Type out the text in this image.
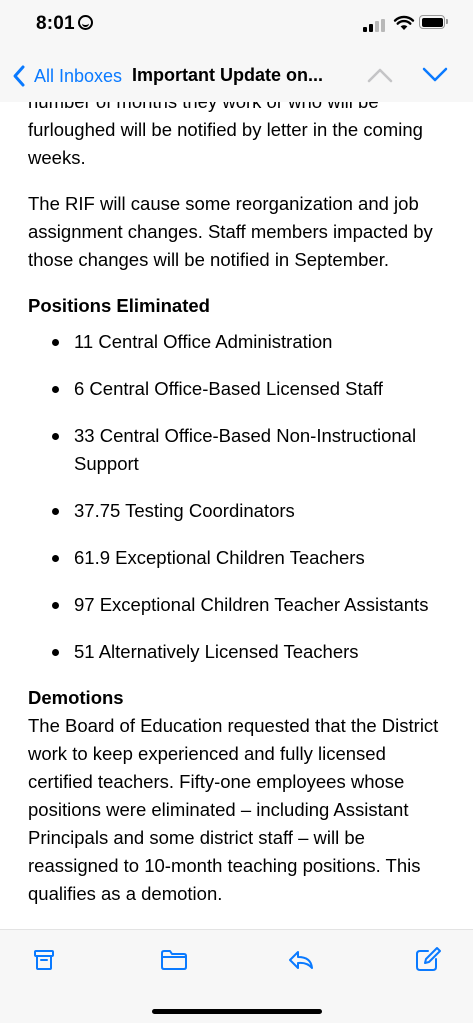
8:01
All Inboxes Important Update on...

furloughed will be notified by letter in the coming weeks.

The RIF will cause some reorganization and job assignment changes. Staff members impacted by those changes will be notified in September.

Positions Eliminated

11 Central Office Administration
6 Central Office-Based Licensed Staff
33 Central Office-Based Non-Instructional Support
37.75 Testing Coordinators
61.9 Exceptional Children Teachers
97 Exceptional Children Teacher Assistants
51 Alternatively Licensed Teachers

Demotions

The Board of Education requested that the District work to keep experienced and fully licensed certified teachers. Fifty-one employees whose positions were eliminated – including Assistant Principals and some district staff – will be reassigned to 10-month teaching positions. This qualifies as a demotion.
